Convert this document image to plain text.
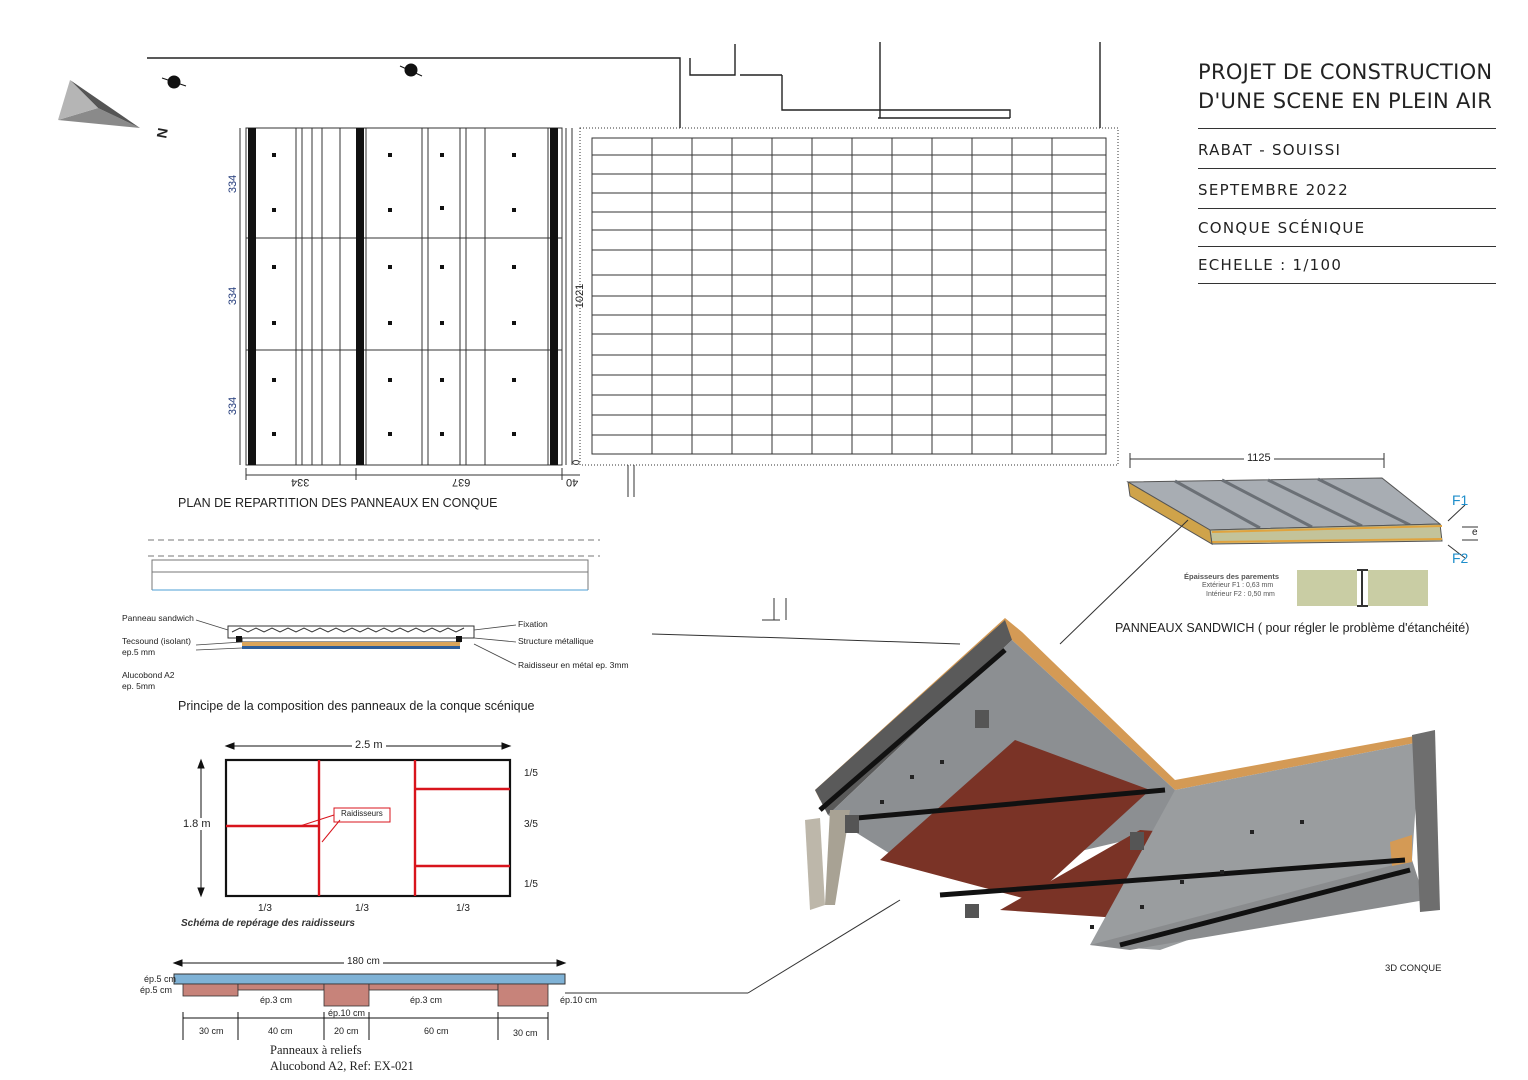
PROJET DE CONSTRUCTION
D'UNE SCENE EN PLEIN AIR
RABAT - SOUISSI
SEPTEMBRE 2022
CONQUE SCÉNIQUE
ECHELLE : 1/100
334
334
334
334	637	40
0
1021
N
PLAN DE REPARTITION DES PANNEAUX EN CONQUE
Panneau sandwich
Tecsound (isolant)
ep.5 mm
Alucobond A2
ep. 5mm
Fixation
Structure métallique
Raidisseur en métal ep. 3mm
Principe de la composition des panneaux de la conque scénique
2.5 m
1.8 m
1/3	1/3	1/3
1/5
3/5
1/5
Raidisseurs
Schéma de repérage des raidisseurs
180 cm
ép.5 cm
ép.5 cm
ép.3 cm	ép.3 cm
ép.10 cm
ép.10 cm
30 cm	40 cm	20 cm	60 cm	30 cm
Panneaux à reliefs
Alucobond A2, Ref: EX-021
1125
F1
F2
e
Épaisseurs des parements
Extérieur F1 : 0,63 mm
Intérieur F2 : 0,50 mm
PANNEAUX SANDWICH ( pour régler le problème d'étanchéité)
3D CONQUE
